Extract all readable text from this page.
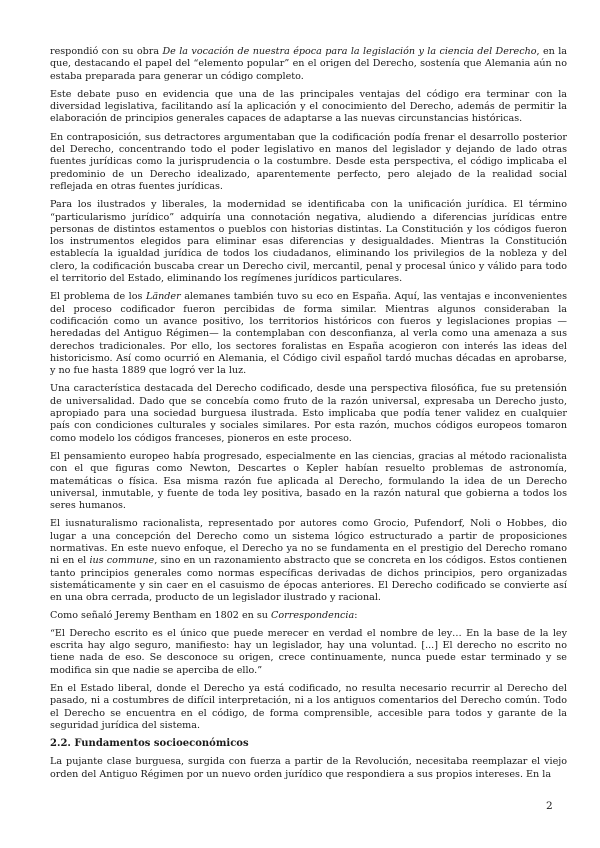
respondió con su obra De la vocación de nuestra época para la legislación y la ciencia del Derecho, en la que, destacando el papel del “elemento popular” en el origen del Derecho, sostenía que Alemania aún no estaba preparada para generar un código completo.

Este debate puso en evidencia que una de las principales ventajas del código era terminar con la diversidad legislativa, facilitando así la aplicación y el conocimiento del Derecho, además de permitir la elaboración de principios generales capaces de adaptarse a las nuevas circunstancias históricas.

En contraposición, sus detractores argumentaban que la codificación podía frenar el desarrollo posterior del Derecho, concentrando todo el poder legislativo en manos del legislador y dejando de lado otras fuentes jurídicas como la jurisprudencia o la costumbre. Desde esta perspectiva, el código implicaba el predominio de un Derecho idealizado, aparentemente perfecto, pero alejado de la realidad social reflejada en otras fuentes jurídicas.

Para los ilustrados y liberales, la modernidad se identificaba con la unificación jurídica. El término “particularismo jurídico” adquiría una connotación negativa, aludiendo a diferencias jurídicas entre personas de distintos estamentos o pueblos con historias distintas. La Constitución y los códigos fueron los instrumentos elegidos para eliminar esas diferencias y desigualdades. Mientras la Constitución establecía la igualdad jurídica de todos los ciudadanos, eliminando los privilegios de la nobleza y del clero, la codificación buscaba crear un Derecho civil, mercantil, penal y procesal único y válido para todo el territorio del Estado, eliminando los regímenes jurídicos particulares.

El problema de los Länder alemanes también tuvo su eco en España. Aquí, las ventajas e inconvenientes del proceso codificador fueron percibidas de forma similar. Mientras algunos consideraban la codificación como un avance positivo, los territorios históricos con fueros y legislaciones propias —heredadas del Antiguo Régimen— la contemplaban con desconfianza, al verla como una amenaza a sus derechos tradicionales. Por ello, los sectores foralistas en España acogieron con interés las ideas del historicismo. Así como ocurrió en Alemania, el Código civil español tardó muchas décadas en aprobarse, y no fue hasta 1889 que logró ver la luz.

Una característica destacada del Derecho codificado, desde una perspectiva filosófica, fue su pretensión de universalidad. Dado que se concebía como fruto de la razón universal, expresaba un Derecho justo, apropiado para una sociedad burguesa ilustrada. Esto implicaba que podía tener validez en cualquier país con condiciones culturales y sociales similares. Por esta razón, muchos códigos europeos tomaron como modelo los códigos franceses, pioneros en este proceso.

El pensamiento europeo había progresado, especialmente en las ciencias, gracias al método racionalista con el que figuras como Newton, Descartes o Kepler habían resuelto problemas de astronomía, matemáticas o física. Esa misma razón fue aplicada al Derecho, formulando la idea de un Derecho universal, inmutable, y fuente de toda ley positiva, basado en la razón natural que gobierna a todos los seres humanos.

El iusnaturalismo racionalista, representado por autores como Grocio, Pufendorf, Noli o Hobbes, dio lugar a una concepción del Derecho como un sistema lógico estructurado a partir de proposiciones normativas. En este nuevo enfoque, el Derecho ya no se fundamenta en el prestigio del Derecho romano ni en el ius commune, sino en un razonamiento abstracto que se concreta en los códigos. Estos contienen tanto principios generales como normas específicas derivadas de dichos principios, pero organizadas sistemáticamente y sin caer en el casuismo de épocas anteriores. El Derecho codificado se convierte así en una obra cerrada, producto de un legislador ilustrado y racional.

Como señaló Jeremy Bentham en 1802 en su Correspondencia:

“El Derecho escrito es el único que puede merecer en verdad el nombre de ley… En la base de la ley escrita hay algo seguro, manifiesto: hay un legislador, hay una voluntad. [...] El derecho no escrito no tiene nada de eso. Se desconoce su origen, crece continuamente, nunca puede estar terminado y se modifica sin que nadie se aperciba de ello.”

En el Estado liberal, donde el Derecho ya está codificado, no resulta necesario recurrir al Derecho del pasado, ni a costumbres de difícil interpretación, ni a los antiguos comentarios del Derecho común. Todo el Derecho se encuentra en el código, de forma comprensible, accesible para todos y garante de la seguridad jurídica del sistema.

2.2. Fundamentos socioeconómicos

La pujante clase burguesa, surgida con fuerza a partir de la Revolución, necesitaba reemplazar el viejo orden del Antiguo Régimen por un nuevo orden jurídico que respondiera a sus propios intereses. En la

2
